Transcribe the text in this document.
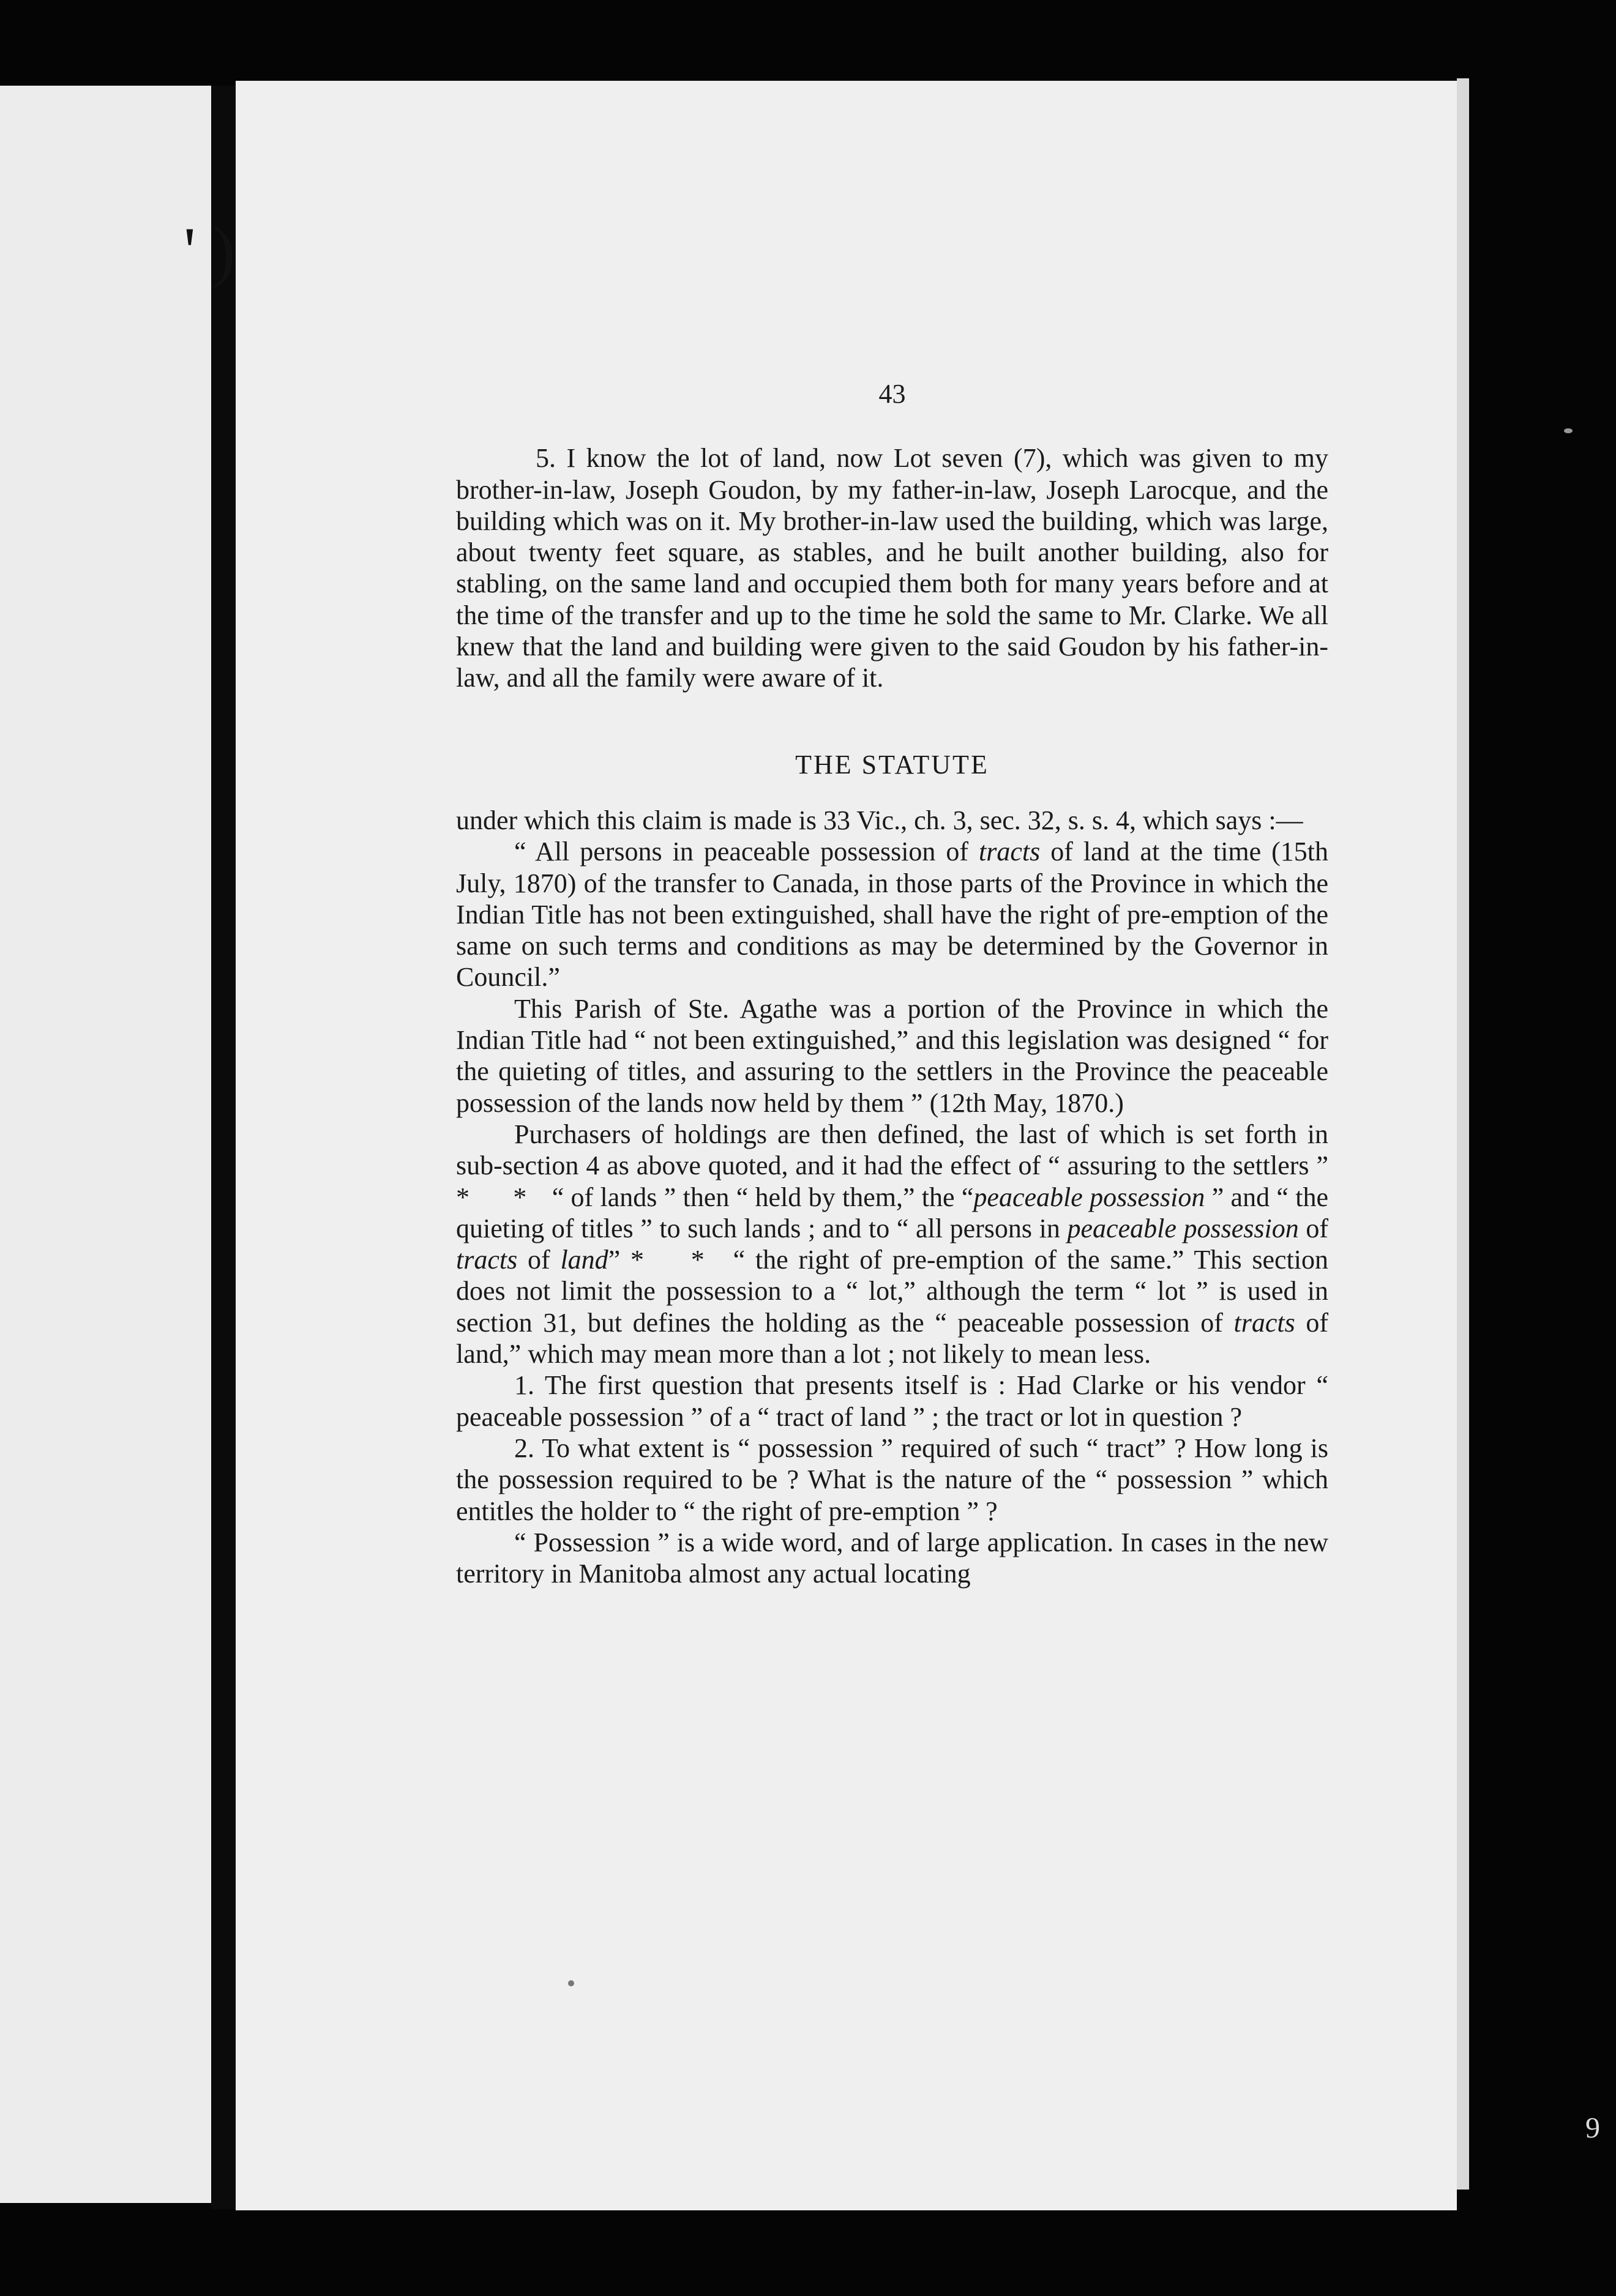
' )
9

43

5. I know the lot of land, now Lot seven (7), which was given to my brother-in-law, Joseph Goudon, by my father-in-law, Joseph Larocque, and the building which was on it. My brother-in-law used the building, which was large, about twenty feet square, as stables, and he built another building, also for stabling, on the same land and occupied them both for many years before and at the time of the transfer and up to the time he sold the same to Mr. Clarke. We all knew that the land and building were given to the said Goudon by his father-in-law, and all the family were aware of it.

THE STATUTE

under which this claim is made is 33 Vic., ch. 3, sec. 32, s. s. 4, which says :—

“ All persons in peaceable possession of tracts of land at the time (15th July, 1870) of the transfer to Canada, in those parts of the Province in which the Indian Title has not been extinguished, shall have the right of pre-emption of the same on such terms and conditions as may be determined by the Governor in Council.”

This Parish of Ste. Agathe was a portion of the Province in which the Indian Title had “ not been extinguished,” and this legislation was designed “ for the quieting of titles, and assuring to the settlers in the Province the peaceable possession of the lands now held by them ” (12th May, 1870.)

Purchasers of holdings are then defined, the last of which is set forth in sub-section 4 as above quoted, and it had the effect of “ assuring to the settlers ” * * “ of lands ” then “ held by them,” the “peaceable possession ” and “ the quieting of titles ” to such lands ; and to “ all persons in peaceable possession of tracts of land” * * “ the right of pre-emption of the same.” This section does not limit the possession to a “ lot,” although the term “ lot ” is used in section 31, but defines the holding as the “ peaceable possession of tracts of land,” which may mean more than a lot ; not likely to mean less.

1. The first question that presents itself is : Had Clarke or his vendor “ peaceable possession ” of a “ tract of land ” ; the tract or lot in question ?

2. To what extent is “ possession ” required of such “ tract” ? How long is the possession required to be ? What is the nature of the “ possession ” which entitles the holder to “ the right of pre-emption ” ?

“ Possession ” is a wide word, and of large application. In cases in the new territory in Manitoba almost any actual locating
